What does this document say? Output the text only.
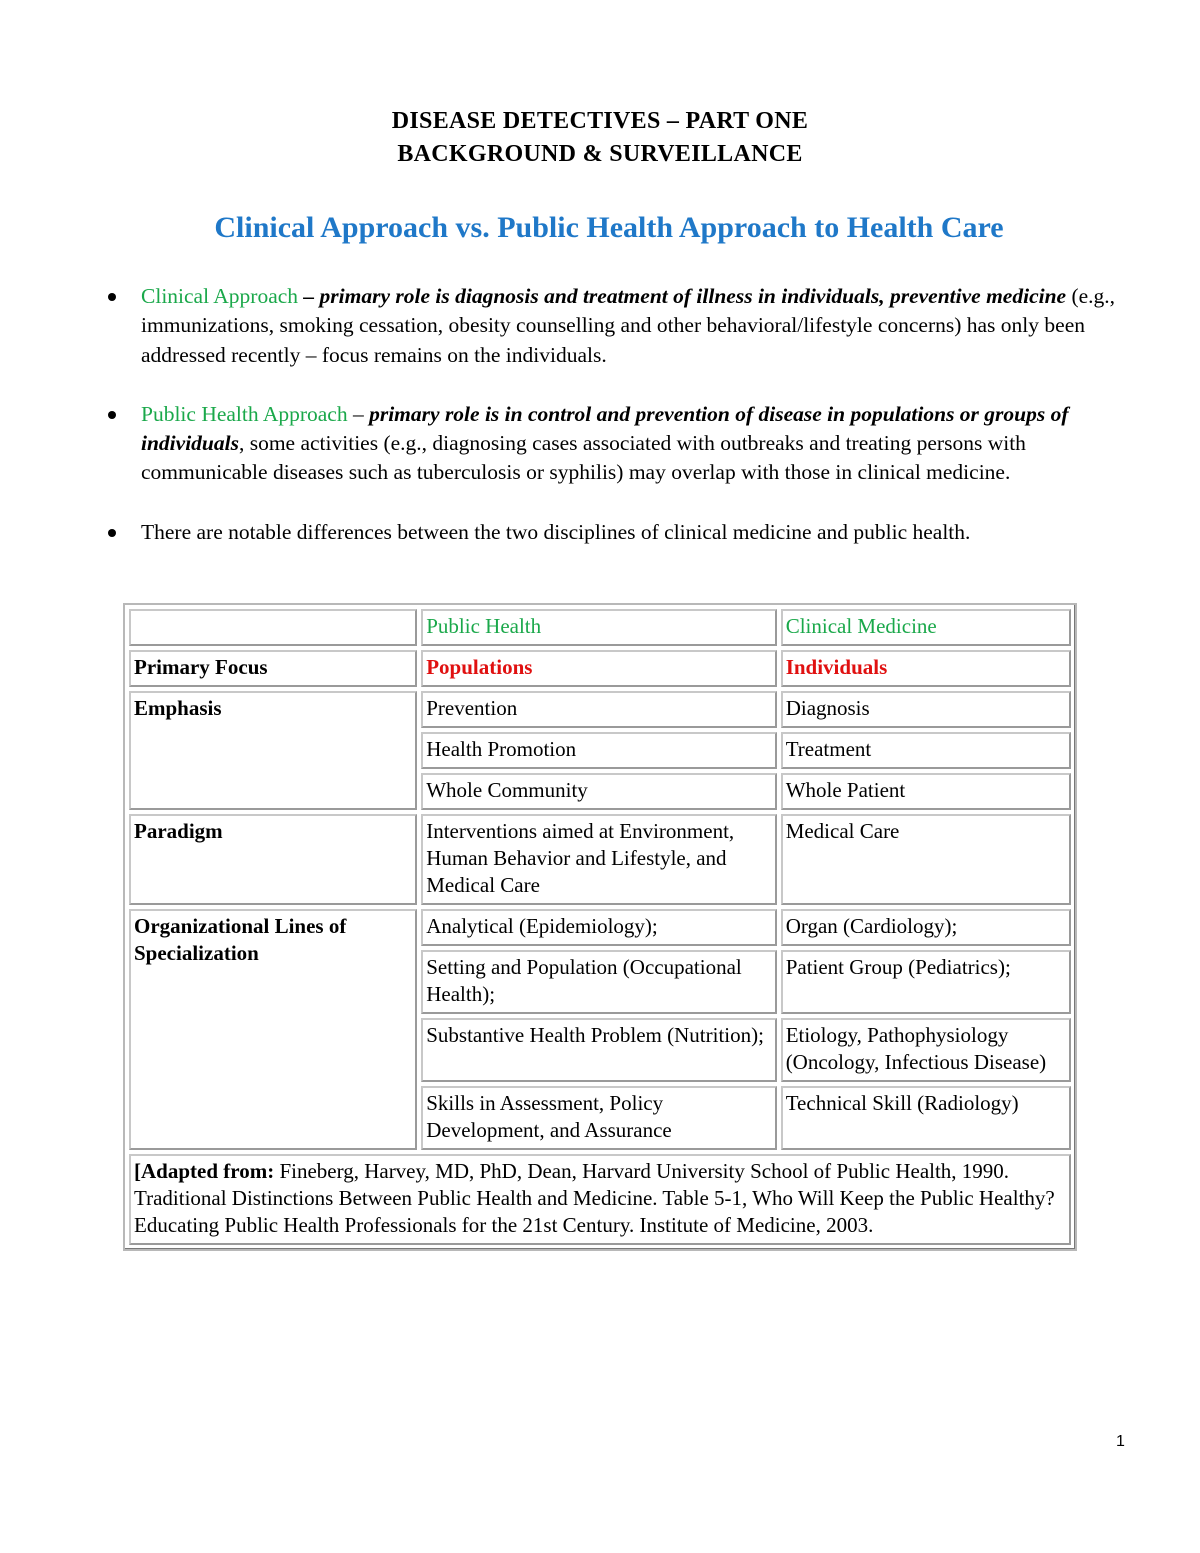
DISEASE DETECTIVES – PART ONE
BACKGROUND & SURVEILLANCE
Clinical Approach vs. Public Health Approach to Health Care
Clinical Approach – primary role is diagnosis and treatment of illness in individuals, preventive medicine (e.g., immunizations, smoking cessation, obesity counselling and other behavioral/lifestyle concerns) has only been addressed recently – focus remains on the individuals.
Public Health Approach – primary role is in control and prevention of disease in populations or groups of individuals, some activities (e.g., diagnosing cases associated with outbreaks and treating persons with communicable diseases such as tuberculosis or syphilis) may overlap with those in clinical medicine.
There are notable differences between the two disciplines of clinical medicine and public health.
	Public Health	Clinical Medicine
Primary Focus	Populations	Individuals
Emphasis	Prevention	Diagnosis
	Health Promotion	Treatment
	Whole Community	Whole Patient
Paradigm	Interventions aimed at Environment, Human Behavior and Lifestyle, and Medical Care	Medical Care
Organizational Lines of Specialization	Analytical (Epidemiology);	Organ (Cardiology);
	Setting and Population (Occupational Health);	Patient Group (Pediatrics);
	Substantive Health Problem (Nutrition);	Etiology, Pathophysiology (Oncology, Infectious Disease)
	Skills in Assessment, Policy Development, and Assurance	Technical Skill (Radiology)
[Adapted from: Fineberg, Harvey, MD, PhD, Dean, Harvard University School of Public Health, 1990. Traditional Distinctions Between Public Health and Medicine. Table 5-1, Who Will Keep the Public Healthy? Educating Public Health Professionals for the 21st Century. Institute of Medicine, 2003.		
1
